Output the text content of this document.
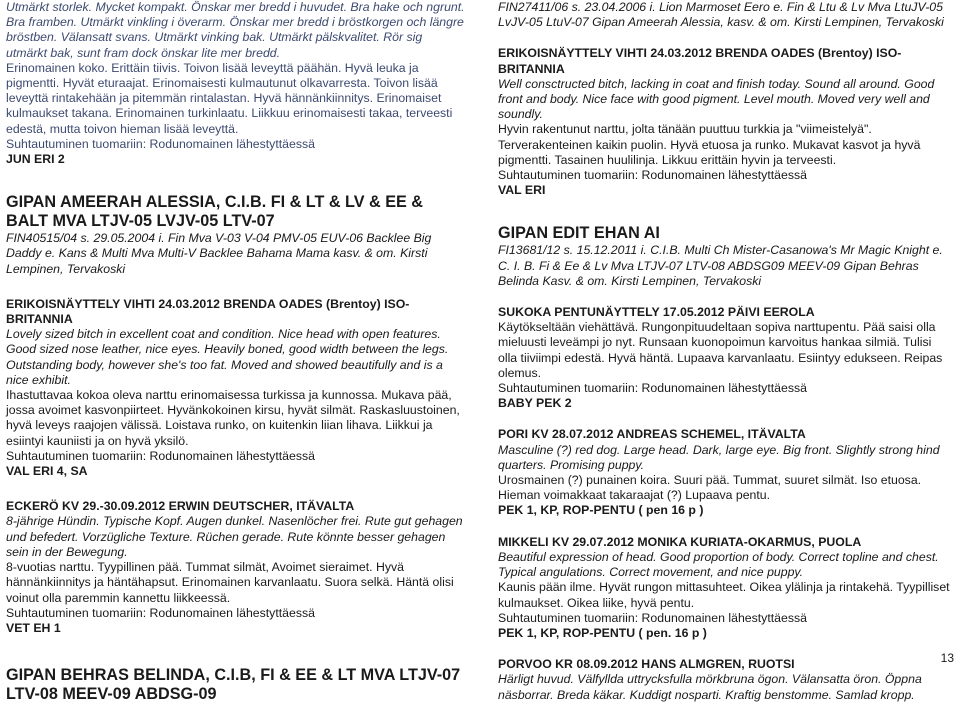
Utmärkt storlek. Mycket kompakt. Önskar mer bredd i huvudet. Bra hake och ngrunt. Bra framben. Utmärkt vinkling i överarm. Önskar mer bredd i bröstkorgen och längre bröstben. Välansatt svans. Utmärkt vinking bak. Utmärkt pälskvalitet. Rör sig utmärkt bak, sunt fram dock önskar lite mer bredd.

Erinomainen koko. Erittäin tiivis. Toivon lisää leveyttä päähän. Hyvä leuka ja pigmentti. Hyvät eturaajat. Erinomaisesti kulmautunut olkavarresta. Toivon lisää leveyttä rintakehään ja pitemmän rintalastan. Hyvä hännänkiinnitys. Erinomaiset kulmaukset takana. Erinomainen turkinlaatu. Liikkuu erinomaisesti takaa, terveesti edestä, mutta toivon hieman lisää leveyttä.

Suhtautuminen tuomariin: Rodunomainen lähestyttäessä

JUN ERI 2

GIPAN AMEERAH ALESSIA, C.I.B. FI & LT & LV & EE & BALT MVA LTJV-05 LVJV-05 LTV-07

FIN40515/04 s. 29.05.2004 i. Fin Mva V-03 V-04 PMV-05 EUV-06 Backlee Big Daddy e. Kans & Multi Mva Multi-V Backlee Bahama Mama kasv. & om. Kirsti Lempinen, Tervakoski

ERIKOISNÄYTTELY VIHTI 24.03.2012 BRENDA OADES (Brentoy) ISO-BRITANNIA

Lovely sized bitch in excellent coat and condition. Nice head with open features. Good sized nose leather, nice eyes. Heavily boned, good width between the legs. Outstanding body, however she's too fat. Moved and showed beautifully and is a nice exhibit.

Ihastuttavaa kokoa oleva narttu erinomaisessa turkissa ja kunnossa. Mukava pää, jossa avoimet kasvonpiirteet. Hyvänkokoinen kirsu, hyvät silmät. Raskasluustoinen, hyvä leveys raajojen välissä. Loistava runko, on kuitenkin liian lihava. Liikkui ja esiintyi kauniisti ja on hyvä yksilö.

Suhtautuminen tuomariin: Rodunomainen lähestyttäessä

VAL ERI 4, SA

ECKERÖ KV 29.-30.09.2012 ERWIN DEUTSCHER, ITÄVALTA

8-jährige Hündin. Typische Kopf. Augen dunkel. Nasenlöcher frei. Rute gut gehagen und befedert. Vorzügliche Texture. Rüchen gerade. Rute könnte besser gehagen sein in der Bewegung.

8-vuotias narttu. Tyypillinen pää. Tummat silmät, Avoimet sieraimet. Hyvä hännänkiinnitys ja häntähapsut. Erinomainen karvanlaatu. Suora selkä. Häntä olisi voinut olla paremmin kannettu liikkeessä.

Suhtautuminen tuomariin: Rodunomainen lähestyttäessä

VET EH 1

GIPAN BEHRAS BELINDA, C.I.B, FI & EE & LT MVA LTJV-07 LTV-08 MEEV-09 ABDSG-09

FIN27411/06 s. 23.04.2006 i. Lion Marmoset Eero e. Fin & Ltu & Lv Mva LtuJV-05 LvJV-05 LtuV-07 Gipan Ameerah Alessia, kasv. & om. Kirsti Lempinen, Tervakoski

ERIKOISNÄYTTELY VIHTI 24.03.2012 BRENDA OADES (Brentoy) ISO-BRITANNIA

Well consctructed bitch, lacking in coat and finish today. Sound all around. Good front and body. Nice face with good pigment. Level mouth. Moved very well and soundly.

Hyvin rakentunut narttu, jolta tänään puuttuu turkkia ja "viimeistelyä". Terverakenteinen kaikin puolin. Hyvä etuosa ja runko. Mukavat kasvot ja hyvä pigmentti. Tasainen huulilinja. Likkuu erittäin hyvin ja terveesti.

Suhtautuminen tuomariin: Rodunomainen lähestyttäessä

VAL ERI

GIPAN EDIT EHAN AI

FI13681/12 s. 15.12.2011 i. C.I.B. Multi Ch Mister-Casanowa's Mr Magic Knight e. C. I. B. Fi & Ee & Lv Mva LTJV-07 LTV-08 ABDSG09 MEEV-09 Gipan Behras Belinda Kasv. & om. Kirsti Lempinen, Tervakoski

SUKOKA PENTUNÄYTTELY 17.05.2012 PÄIVI EEROLA

Käytökseltään viehättävä. Rungonpituudeltaan sopiva narttupentu. Pää saisi olla mieluusti leveämpi jo nyt. Runsaan kuonopoimun karvoitus hankaa silmiä. Tulisi olla tiiviimpi edestä. Hyvä häntä. Lupaava karvanlaatu. Esiintyy edukseen. Reipas olemus.

Suhtautuminen tuomariin: Rodunomainen lähestyttäessä

BABY PEK 2

PORI KV 28.07.2012 ANDREAS SCHEMEL, ITÄVALTA

Masculine (?) red dog. Large head. Dark, large eye. Big front. Slightly strong hind quarters. Promising puppy.

Urosmainen (?) punainen koira. Suuri pää. Tummat, suuret silmät. Iso etuosa. Hieman voimakkaat takaraajat (?) Lupaava pentu.

PEK 1, KP, ROP-PENTU ( pen 16 p )

MIKKELI KV 29.07.2012 MONIKA KURIATA-OKARMUS, PUOLA

Beautiful expression of head. Good proportion of body. Correct topline and chest. Typical angulations. Correct movement, and nice puppy.

Kaunis pään ilme. Hyvät rungon mittasuhteet. Oikea ylälinja ja rintakehä. Tyypilliset kulmaukset. Oikea liike, hyvä pentu.

Suhtautuminen tuomariin: Rodunomainen lähestyttäessä

PEK 1, KP, ROP-PENTU ( pen. 16 p )

PORVOO KR 08.09.2012 HANS ALMGREN, RUOTSI

Härligt huvud. Välfyllda uttrycksfulla mörkbruna ögon. Välansatta öron. Öppna näsborrar. Breda käkar. Kuddigt nosparti. Kraftig benstomme. Samlad kropp.

13
